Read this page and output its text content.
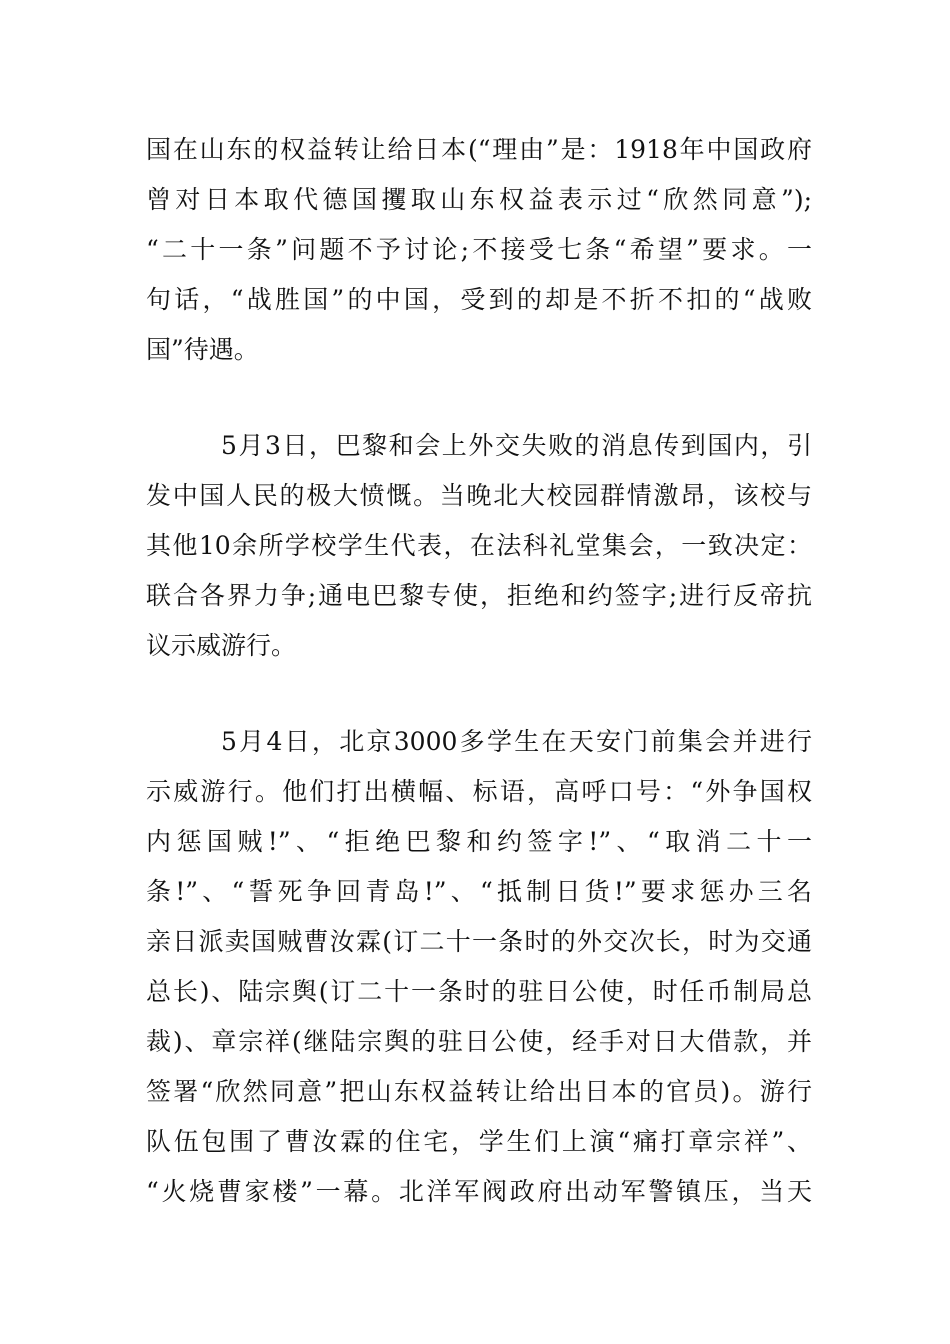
国在山东的权益转让给日本(“理由”是：1918年中国政府
曾对日本取代德国攫取山东权益表示过“欣然同意”);
“二十一条”问题不予讨论;不接受七条“希望”要求。一
句话，“战胜国”的中国，受到的却是不折不扣的“战败
国”待遇。
5月3日，巴黎和会上外交失败的消息传到国内，引
发中国人民的极大愤慨。当晚北大校园群情激昂，该校与
其他10余所学校学生代表，在法科礼堂集会，一致决定：
联合各界力争;通电巴黎专使，拒绝和约签字;进行反帝抗
议示威游行。
5月4日，北京3000多学生在天安门前集会并进行
示威游行。他们打出横幅、标语，高呼口号：“外争国权
内惩国贼!”、“拒绝巴黎和约签字!”、“取消二十一
条!”、“誓死争回青岛!”、“抵制日货!”要求惩办三名
亲日派卖国贼曹汝霖(订二十一条时的外交次长，时为交通
总长)、陆宗舆(订二十一条时的驻日公使，时任币制局总
裁)、章宗祥(继陆宗舆的驻日公使，经手对日大借款，并
签署“欣然同意”把山东权益转让给出日本的官员)。游行
队伍包围了曹汝霖的住宅，学生们上演“痛打章宗祥”、
“火烧曹家楼”一幕。北洋军阀政府出动军警镇压，当天
